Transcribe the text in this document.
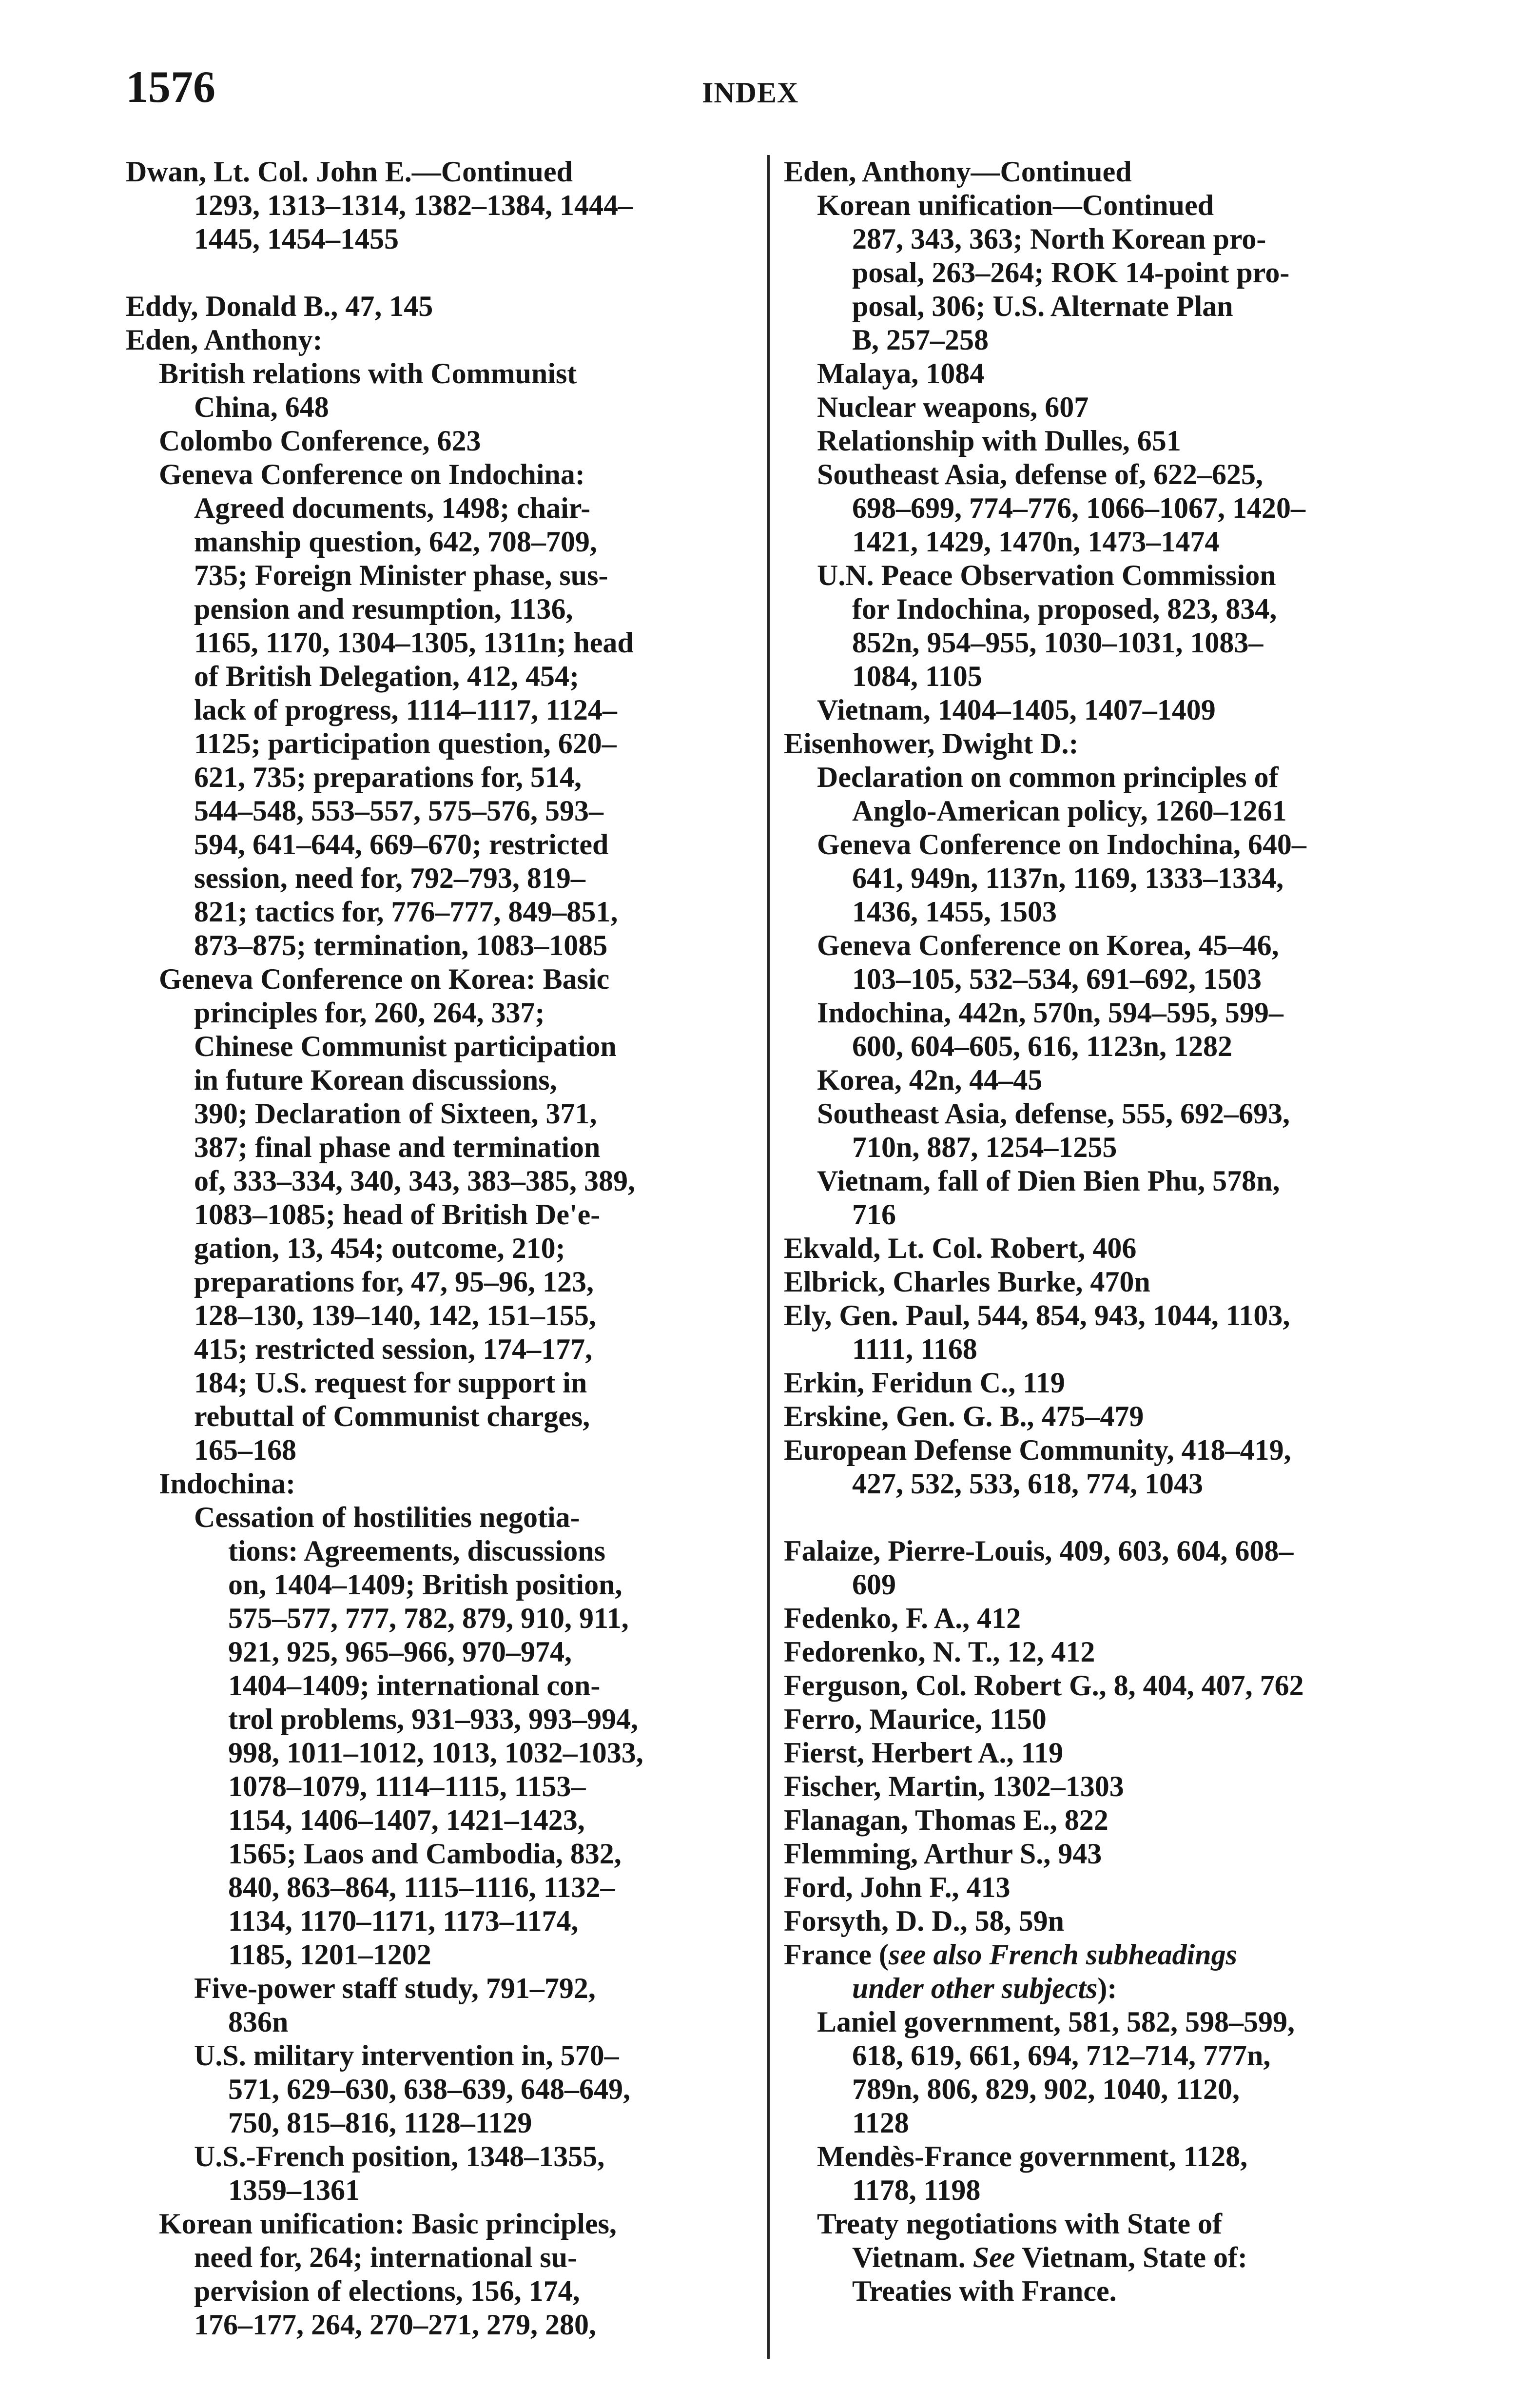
1576	INDEX
Dwan, Lt. Col. John E.—Continued
1293, 1313–1314, 1382–1384, 1444–
1445, 1454–1455
Eddy, Donald B., 47, 145
Eden, Anthony:
British relations with Communist
China, 648
Colombo Conference, 623
Geneva Conference on Indochina:
Agreed documents, 1498; chair-
manship question, 642, 708–709,
735; Foreign Minister phase, sus-
pension and resumption, 1136,
1165, 1170, 1304–1305, 1311n; head
of British Delegation, 412, 454;
lack of progress, 1114–1117, 1124–
1125; participation question, 620–
621, 735; preparations for, 514,
544–548, 553–557, 575–576, 593–
594, 641–644, 669–670; restricted
session, need for, 792–793, 819–
821; tactics for, 776–777, 849–851,
873–875; termination, 1083–1085
Geneva Conference on Korea: Basic
principles for, 260, 264, 337;
Chinese Communist participation
in future Korean discussions,
390; Declaration of Sixteen, 371,
387; final phase and termination
of, 333–334, 340, 343, 383–385, 389,
1083–1085; head of British De'e-
gation, 13, 454; outcome, 210;
preparations for, 47, 95–96, 123,
128–130, 139–140, 142, 151–155,
415; restricted session, 174–177,
184; U.S. request for support in
rebuttal of Communist charges,
165–168
Indochina:
Cessation of hostilities negotia-
tions: Agreements, discussions
on, 1404–1409; British position,
575–577, 777, 782, 879, 910, 911,
921, 925, 965–966, 970–974,
1404–1409; international con-
trol problems, 931–933, 993–994,
998, 1011–1012, 1013, 1032–1033,
1078–1079, 1114–1115, 1153–
1154, 1406–1407, 1421–1423,
1565; Laos and Cambodia, 832,
840, 863–864, 1115–1116, 1132–
1134, 1170–1171, 1173–1174,
1185, 1201–1202
Five-power staff study, 791–792,
836n
U.S. military intervention in, 570–
571, 629–630, 638–639, 648–649,
750, 815–816, 1128–1129
U.S.-French position, 1348–1355,
1359–1361
Korean unification: Basic principles,
need for, 264; international su-
pervision of elections, 156, 174,
176–177, 264, 270–271, 279, 280,
Eden, Anthony—Continued
Korean unification—Continued
287, 343, 363; North Korean pro-
posal, 263–264; ROK 14-point pro-
posal, 306; U.S. Alternate Plan
B, 257–258
Malaya, 1084
Nuclear weapons, 607
Relationship with Dulles, 651
Southeast Asia, defense of, 622–625,
698–699, 774–776, 1066–1067, 1420–
1421, 1429, 1470n, 1473–1474
U.N. Peace Observation Commission
for Indochina, proposed, 823, 834,
852n, 954–955, 1030–1031, 1083–
1084, 1105
Vietnam, 1404–1405, 1407–1409
Eisenhower, Dwight D.:
Declaration on common principles of
Anglo-American policy, 1260–1261
Geneva Conference on Indochina, 640–
641, 949n, 1137n, 1169, 1333–1334,
1436, 1455, 1503
Geneva Conference on Korea, 45–46,
103–105, 532–534, 691–692, 1503
Indochina, 442n, 570n, 594–595, 599–
600, 604–605, 616, 1123n, 1282
Korea, 42n, 44–45
Southeast Asia, defense, 555, 692–693,
710n, 887, 1254–1255
Vietnam, fall of Dien Bien Phu, 578n,
716
Ekvald, Lt. Col. Robert, 406
Elbrick, Charles Burke, 470n
Ely, Gen. Paul, 544, 854, 943, 1044, 1103,
1111, 1168
Erkin, Feridun C., 119
Erskine, Gen. G. B., 475–479
European Defense Community, 418–419,
427, 532, 533, 618, 774, 1043
Falaize, Pierre-Louis, 409, 603, 604, 608–
609
Fedenko, F. A., 412
Fedorenko, N. T., 12, 412
Ferguson, Col. Robert G., 8, 404, 407, 762
Ferro, Maurice, 1150
Fierst, Herbert A., 119
Fischer, Martin, 1302–1303
Flanagan, Thomas E., 822
Flemming, Arthur S., 943
Ford, John F., 413
Forsyth, D. D., 58, 59n
France (see also French subheadings
under other subjects):
Laniel government, 581, 582, 598–599,
618, 619, 661, 694, 712–714, 777n,
789n, 806, 829, 902, 1040, 1120,
1128
Mendès-France government, 1128,
1178, 1198
Treaty negotiations with State of
Vietnam. See Vietnam, State of:
Treaties with France.
